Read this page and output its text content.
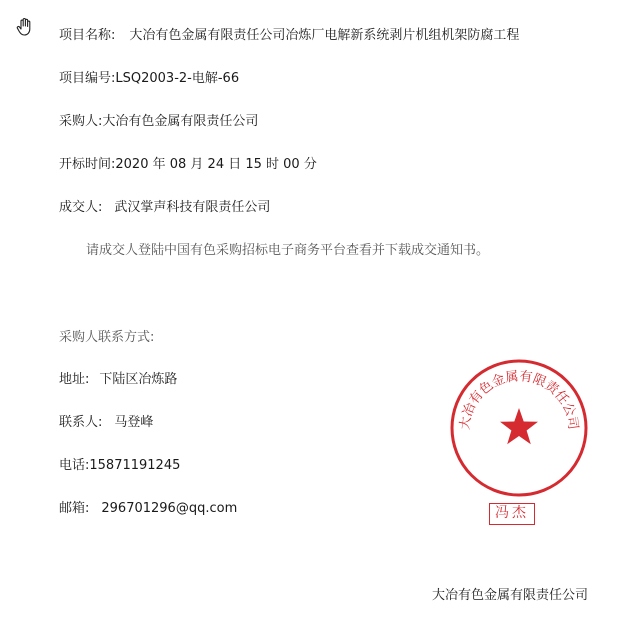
项目名称: 大冶有色金属有限责任公司冶炼厂电解新系统剥片机组机架防腐工程
项目编号:LSQ2003-2-电解-66
采购人:大冶有色金属有限责任公司
开标时间:2020 年 08 月 24 日 15 时 00 分
成交人: 武汉掌声科技有限责任公司
请成交人登陆中国有色采购招标电子商务平台查看并下载成交通知书。
采购人联系方式:
地址: 下陆区冶炼路
联系人: 马登峰
电话:15871191245
邮箱: 296701296@qq.com
大冶有色金属有限责任公司
冯杰
大冶有色金属有限责任公司
